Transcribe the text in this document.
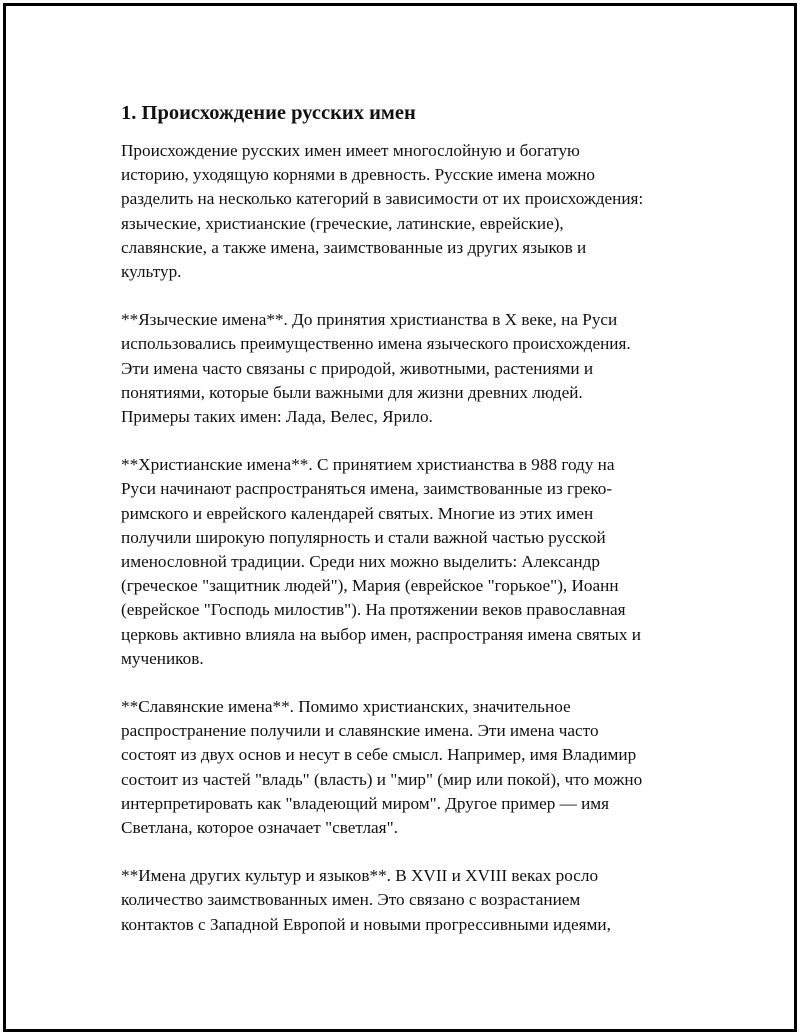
1. Происхождение русских имен

Происхождение русских имен имеет многослойную и богатую
историю, уходящую корнями в древность. Русские имена можно
разделить на несколько категорий в зависимости от их происхождения:
языческие, христианские (греческие, латинские, еврейские),
славянские, а также имена, заимствованные из других языков и
культур.

**Языческие имена**. До принятия христианства в X веке, на Руси
использовались преимущественно имена языческого происхождения.
Эти имена часто связаны с природой, животными, растениями и
понятиями, которые были важными для жизни древних людей.
Примеры таких имен: Лада, Велес, Ярило.

**Христианские имена**. С принятием христианства в 988 году на
Руси начинают распространяться имена, заимствованные из греко-
римского и еврейского календарей святых. Многие из этих имен
получили широкую популярность и стали важной частью русской
именословной традиции. Среди них можно выделить: Александр
(греческое "защитник людей"), Мария (еврейское "горькое"), Иоанн
(еврейское "Господь милостив"). На протяжении веков православная
церковь активно влияла на выбор имен, распространяя имена святых и
мучеников.

**Славянские имена**. Помимо христианских, значительное
распространение получили и славянские имена. Эти имена часто
состоят из двух основ и несут в себе смысл. Например, имя Владимир
состоит из частей "владь" (власть) и "мир" (мир или покой), что можно
интерпретировать как "владеющий миром". Другое пример — имя
Светлана, которое означает "светлая".

**Имена других культур и языков**. В XVII и XVIII веках росло
количество заимствованных имен. Это связано с возрастанием
контактов с Западной Европой и новыми прогрессивными идеями,
